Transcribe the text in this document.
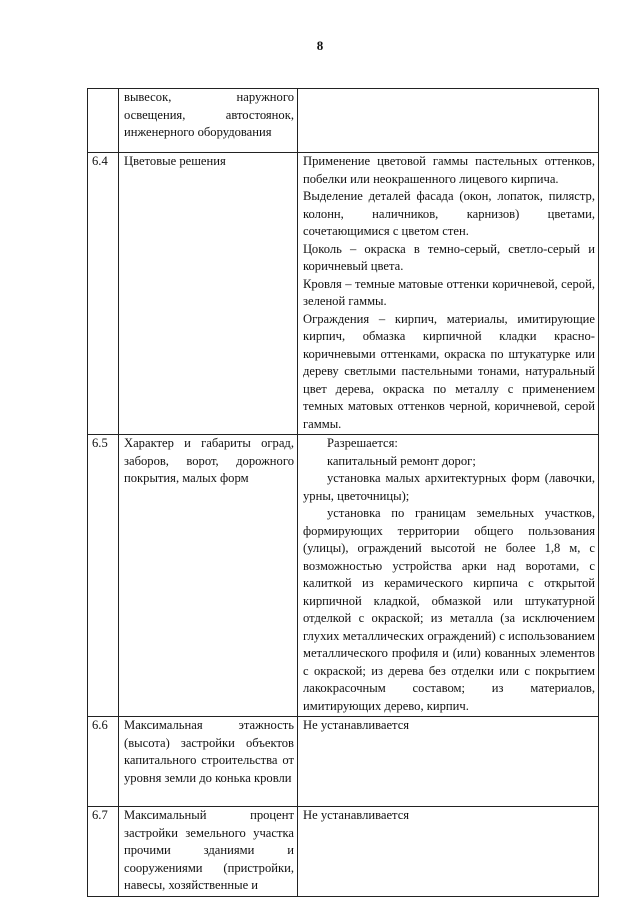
8
	вывесок, наружного освещения, автостоянок, инженерного оборудования	

6.4	Цветовые решения	Применение цветовой гаммы пастельных оттенков, побелки или неокрашенного лицевого кирпича.

Выделение деталей фасада (окон, лопаток, пилястр, колонн, наличников, карнизов) цветами, сочетающимися с цветом стен.

Цоколь – окраска в темно-серый, светло-серый и коричневый цвета.

Кровля – темные матовые оттенки коричневой, серой, зеленой гаммы.

Ограждения – кирпич, материалы, имитирующие кирпич, обмазка кирпичной кладки красно-коричневыми оттенками, окраска по штукатурке или дереву светлыми пастельными тонами, натуральный цвет дерева, окраска по металлу с применением темных матовых оттенков черной, коричневой, серой гаммы.

6.5	Характер и габариты оград, заборов, ворот, дорожного покрытия, малых форм	Разрешается:

капитальный ремонт дорог;

установка малых архитектурных форм (лавочки, урны, цветочницы);

установка по границам земельных участков, формирующих территории общего пользования (улицы), ограждений высотой не более 1,8 м, с возможностью устройства арки над воротами, с калиткой из керамического кирпича с открытой кирпичной кладкой, обмазкой или штукатурной отделкой с окраской; из металла (за исключением глухих металлических ограждений) с использованием металлического профиля и (или) кованных элементов с окраской; из дерева без отделки или с покрытием лакокрасочным составом; из материалов, имитирующих дерево, кирпич.

6.6	Максимальная этажность (высота) застройки объектов капитального строительства от уровня земли до конька кровли	Не устанавливается

6.7	Максимальный процент застройки земельного участка прочими зданиями и сооружениями (пристройки, навесы, хозяйственные и	Не устанавливается
